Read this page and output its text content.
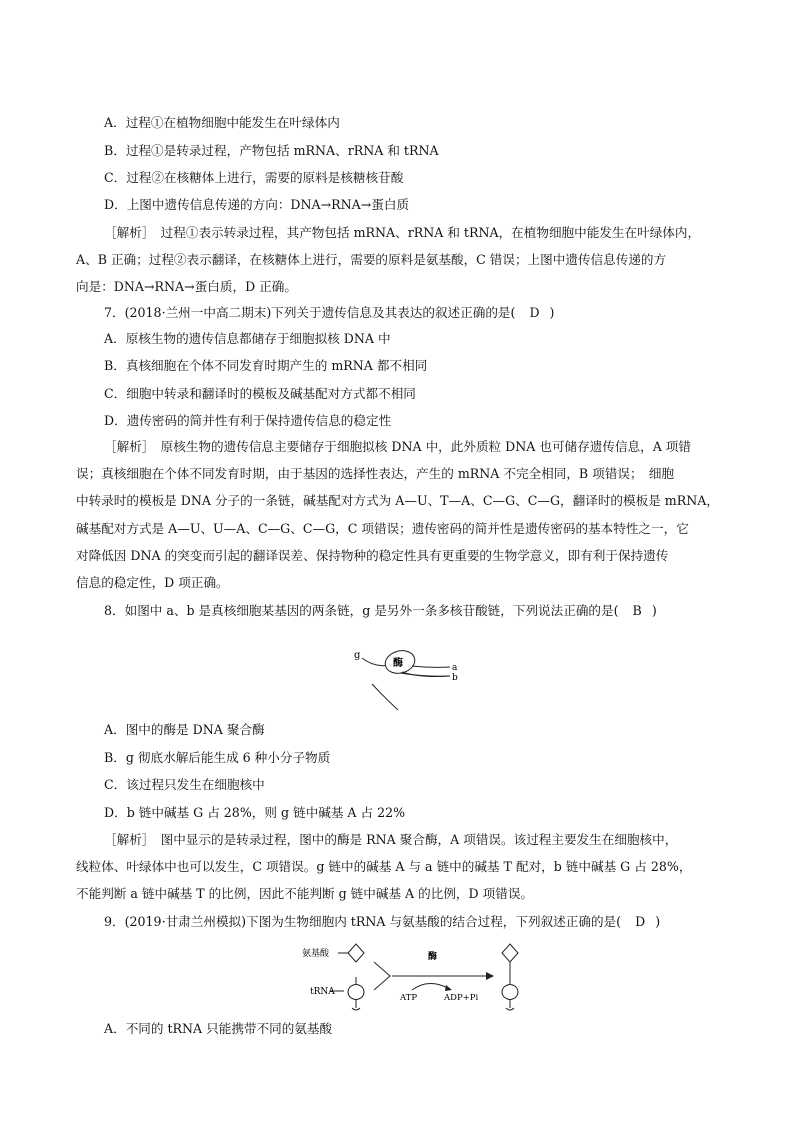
A．过程①在植物细胞中能发生在叶绿体内
B．过程①是转录过程，产物包括 mRNA、rRNA 和 tRNA
C．过程②在核糖体上进行，需要的原料是核糖核苷酸
D．上图中遗传信息传递的方向：DNA→RNA→蛋白质
［解析］　过程①表示转录过程，其产物包括 mRNA、rRNA 和 tRNA，在植物细胞中能发生在叶绿体内，
A、B 正确；过程②表示翻译，在核糖体上进行，需要的原料是氨基酸，C 错误；上图中遗传信息传递的方
向是：DNA→RNA→蛋白质，D 正确。
7．(2018·兰州一中高二期末)下列关于遗传信息及其表达的叙述正确的是( D )
A．原核生物的遗传信息都储存于细胞拟核 DNA 中
B．真核细胞在个体不同发育时期产生的 mRNA 都不相同
C．细胞中转录和翻译时的模板及碱基配对方式都不相同
D．遗传密码的简并性有利于保持遗传信息的稳定性
［解析］　原核生物的遗传信息主要储存于细胞拟核 DNA 中，此外质粒 DNA 也可储存遗传信息，A 项错
误；真核细胞在个体不同发育时期，由于基因的选择性表达，产生的 mRNA 不完全相同，B 项错误；　细胞
中转录时的模板是 DNA 分子的一条链，碱基配对方式为 A—U、T—A、C—G、C—G，翻译时的模板是 mRNA，
碱基配对方式是 A—U、U—A、C—G、C—G，C 项错误；遗传密码的简并性是遗传密码的基本特性之一，它
对降低因 DNA 的突变而引起的翻译误差、保持物种的稳定性具有更重要的生物学意义，即有利于保持遗传
信息的稳定性，D 项正确。
8．如图中 a、b 是真核细胞某基因的两条链，g 是另外一条多核苷酸链，下列说法正确的是( B )
g
酶	a
b
A．图中的酶是 DNA 聚合酶
B．g 彻底水解后能生成 6 种小分子物质
C．该过程只发生在细胞核中
D．b 链中碱基 G 占 28%，则 g 链中碱基 A 占 22%
［解析］　图中显示的是转录过程，图中的酶是 RNA 聚合酶，A 项错误。该过程主要发生在细胞核中，
线粒体、叶绿体中也可以发生，C 项错误。g 链中的碱基 A 与 a 链中的碱基 T 配对，b 链中碱基 G 占 28%，
不能判断 a 链中碱基 T 的比例，因此不能判断 g 链中碱基 A 的比例，D 项错误。
9．(2019·甘肃兰州模拟)下图为生物细胞内 tRNA 与氨基酸的结合过程，下列叙述正确的是( D )
氨基酸
tRNA
酶
ATP	ADP+Pi
A．不同的 tRNA 只能携带不同的氨基酸
